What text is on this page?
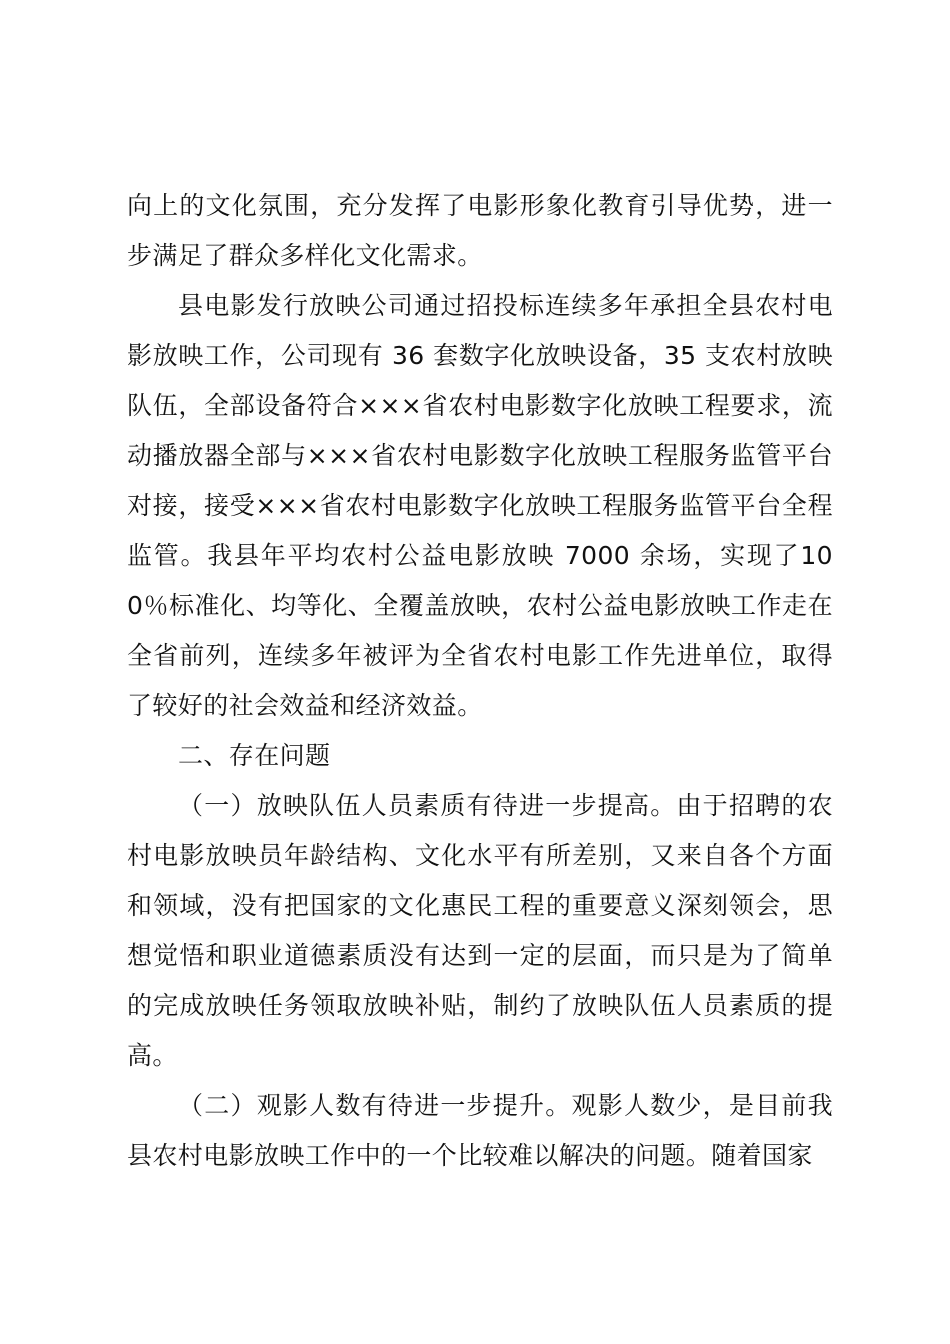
向上的文化氛围，充分发挥了电影形象化教育引导优势，进一步满足了群众多样化文化需求。

县电影发行放映公司通过招投标连续多年承担全县农村电影放映工作，公司现有 36 套数字化放映设备，35 支农村放映队伍，全部设备符合×××省农村电影数字化放映工程要求，流动播放器全部与×××省农村电影数字化放映工程服务监管平台对接，接受×××省农村电影数字化放映工程服务监管平台全程监管。我县年平均农村公益电影放映 7000 余场，实现了100％标准化、均等化、全覆盖放映，农村公益电影放映工作走在全省前列，连续多年被评为全省农村电影工作先进单位，取得了较好的社会效益和经济效益。

二、存在问题

（一）放映队伍人员素质有待进一步提高。由于招聘的农村电影放映员年龄结构、文化水平有所差别，又来自各个方面和领域，没有把国家的文化惠民工程的重要意义深刻领会，思想觉悟和职业道德素质没有达到一定的层面，而只是为了简单的完成放映任务领取放映补贴，制约了放映队伍人员素质的提高。

（二）观影人数有待进一步提升。观影人数少，是目前我县农村电影放映工作中的一个比较难以解决的问题。随着国家
